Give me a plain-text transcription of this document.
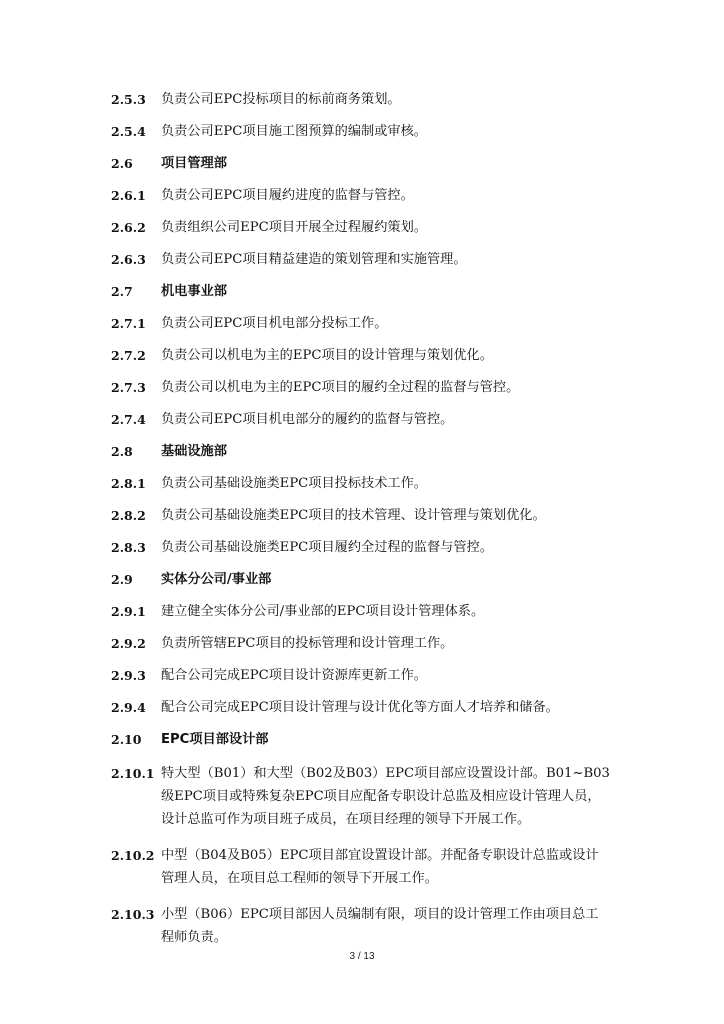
2.5.3	负责公司EPC投标项目的标前商务策划。
2.5.4	负责公司EPC项目施工图预算的编制或审核。
2.6	项目管理部
2.6.1	负责公司EPC项目履约进度的监督与管控。
2.6.2	负责组织公司EPC项目开展全过程履约策划。
2.6.3	负责公司EPC项目精益建造的策划管理和实施管理。
2.7	机电事业部
2.7.1	负责公司EPC项目机电部分投标工作。
2.7.2	负责公司以机电为主的EPC项目的设计管理与策划优化。
2.7.3	负责公司以机电为主的EPC项目的履约全过程的监督与管控。
2.7.4	负责公司EPC项目机电部分的履约的监督与管控。
2.8	基础设施部
2.8.1	负责公司基础设施类EPC项目投标技术工作。
2.8.2	负责公司基础设施类EPC项目的技术管理、设计管理与策划优化。
2.8.3	负责公司基础设施类EPC项目履约全过程的监督与管控。
2.9	实体分公司/事业部
2.9.1	建立健全实体分公司/事业部的EPC项目设计管理体系。
2.9.2	负责所管辖EPC项目的投标管理和设计管理工作。
2.9.3	配合公司完成EPC项目设计资源库更新工作。
2.9.4	配合公司完成EPC项目设计管理与设计优化等方面人才培养和储备。
2.10	EPC项目部设计部
2.10.1 特大型（B01）和大型（B02及B03）EPC项目部应设置设计部。B01~B03级EPC项目或特殊复杂EPC项目应配备专职设计总监及相应设计管理人员，设计总监可作为项目班子成员，在项目经理的领导下开展工作。
2.10.2 中型（B04及B05）EPC项目部宜设置设计部。并配备专职设计总监或设计管理人员，在项目总工程师的领导下开展工作。
2.10.3 小型（B06）EPC项目部因人员编制有限，项目的设计管理工作由项目总工程师负责。
3 / 13
